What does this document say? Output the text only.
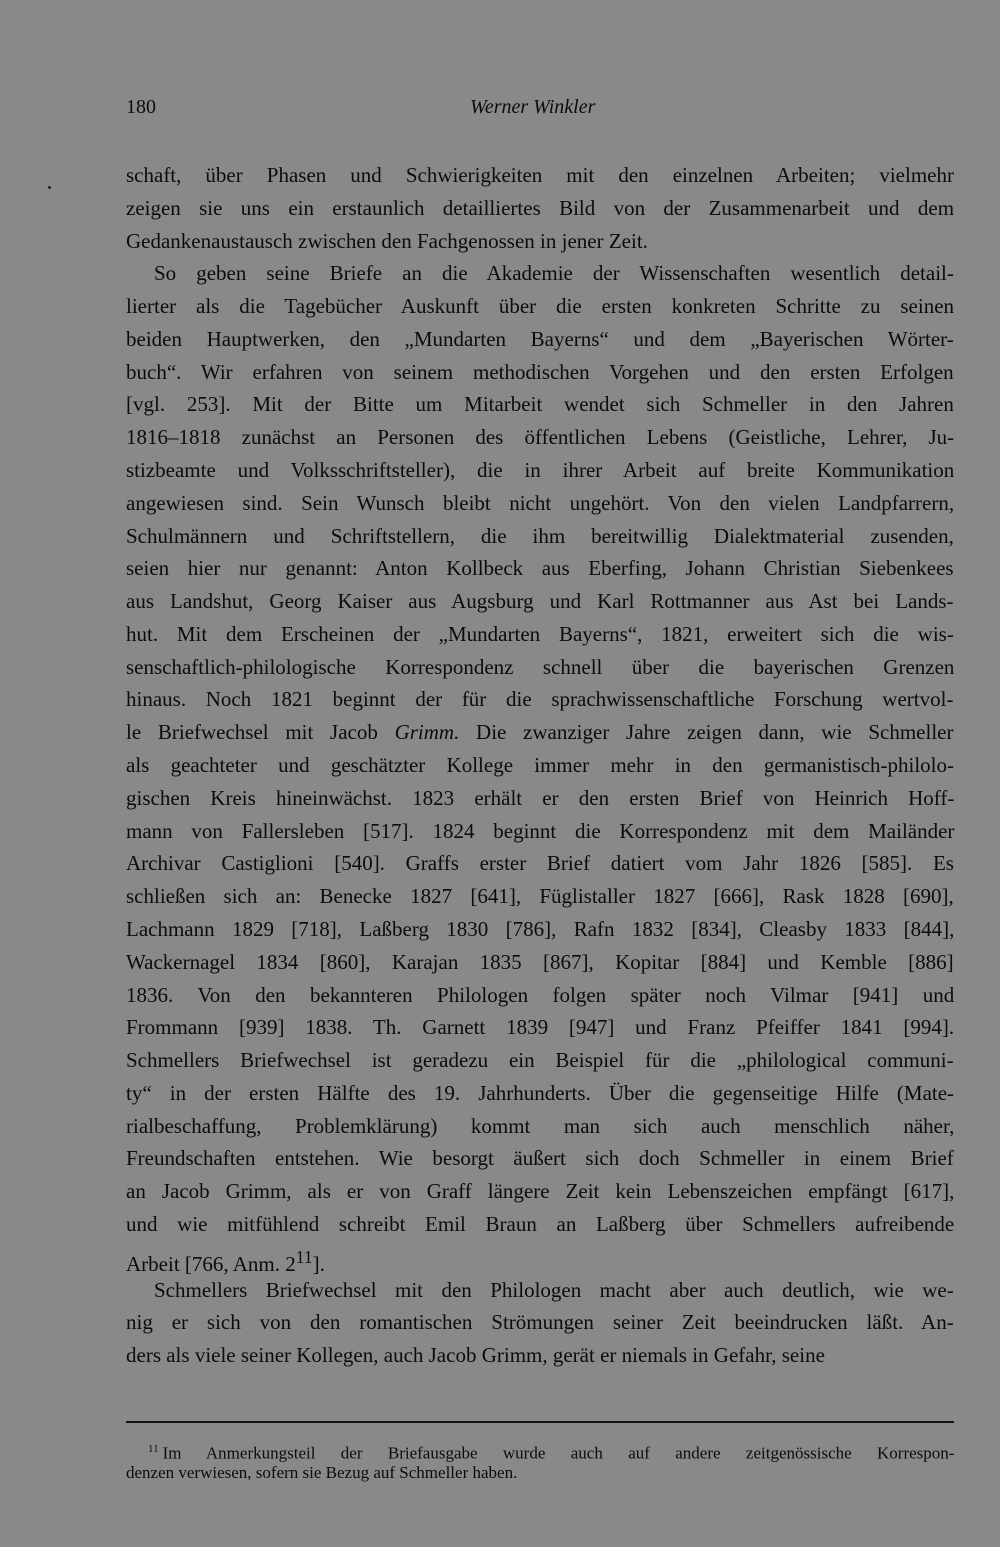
180	Werner Winkler
schaft, über Phasen und Schwierigkeiten mit den einzelnen Arbeiten; vielmehr
zeigen sie uns ein erstaunlich detailliertes Bild von der Zusammenarbeit und dem
Gedankenaustausch zwischen den Fachgenossen in jener Zeit.
So geben seine Briefe an die Akademie der Wissenschaften wesentlich detail-
lierter als die Tagebücher Auskunft über die ersten konkreten Schritte zu seinen
beiden Hauptwerken, den „Mundarten Bayerns“ und dem „Bayerischen Wörter-
buch“. Wir erfahren von seinem methodischen Vorgehen und den ersten Erfolgen
[vgl. 253]. Mit der Bitte um Mitarbeit wendet sich Schmeller in den Jahren
1816–1818 zunächst an Personen des öffentlichen Lebens (Geistliche, Lehrer, Ju-
stizbeamte und Volksschriftsteller), die in ihrer Arbeit auf breite Kommunikation
angewiesen sind. Sein Wunsch bleibt nicht ungehört. Von den vielen Landpfarrern,
Schulmännern und Schriftstellern, die ihm bereitwillig Dialektmaterial zusenden,
seien hier nur genannt: Anton Kollbeck aus Eberfing, Johann Christian Siebenkees
aus Landshut, Georg Kaiser aus Augsburg und Karl Rottmanner aus Ast bei Lands-
hut. Mit dem Erscheinen der „Mundarten Bayerns“, 1821, erweitert sich die wis-
senschaftlich-philologische Korrespondenz schnell über die bayerischen Grenzen
hinaus. Noch 1821 beginnt der für die sprachwissenschaftliche Forschung wertvol-
le Briefwechsel mit Jacob Grimm. Die zwanziger Jahre zeigen dann, wie Schmeller
als geachteter und geschätzter Kollege immer mehr in den germanistisch-philolo-
gischen Kreis hineinwächst. 1823 erhält er den ersten Brief von Heinrich Hoff-
mann von Fallersleben [517]. 1824 beginnt die Korrespondenz mit dem Mailänder
Archivar Castiglioni [540]. Graffs erster Brief datiert vom Jahr 1826 [585]. Es
schließen sich an: Benecke 1827 [641], Füglistaller 1827 [666], Rask 1828 [690],
Lachmann 1829 [718], Laßberg 1830 [786], Rafn 1832 [834], Cleasby 1833 [844],
Wackernagel 1834 [860], Karajan 1835 [867], Kopitar [884] und Kemble [886]
1836. Von den bekannteren Philologen folgen später noch Vilmar [941] und
Frommann [939] 1838. Th. Garnett 1839 [947] und Franz Pfeiffer 1841 [994].
Schmellers Briefwechsel ist geradezu ein Beispiel für die „philological communi-
ty“ in der ersten Hälfte des 19. Jahrhunderts. Über die gegenseitige Hilfe (Mate-
rialbeschaffung, Problemklärung) kommt man sich auch menschlich näher,
Freundschaften entstehen. Wie besorgt äußert sich doch Schmeller in einem Brief
an Jacob Grimm, als er von Graff längere Zeit kein Lebenszeichen empfängt [617],
und wie mitfühlend schreibt Emil Braun an Laßberg über Schmellers aufreibende
Arbeit [766, Anm. $2^{11}$].
Schmellers Briefwechsel mit den Philologen macht aber auch deutlich, wie we-
nig er sich von den romantischen Strömungen seiner Zeit beeindrucken läßt. An-
ders als viele seiner Kollegen, auch Jacob Grimm, gerät er niemals in Gefahr, seine
$^{11}$ Im Anmerkungsteil der Briefausgabe wurde auch auf andere zeitgenössische Korrespon-
denzen verwiesen, sofern sie Bezug auf Schmeller haben.
